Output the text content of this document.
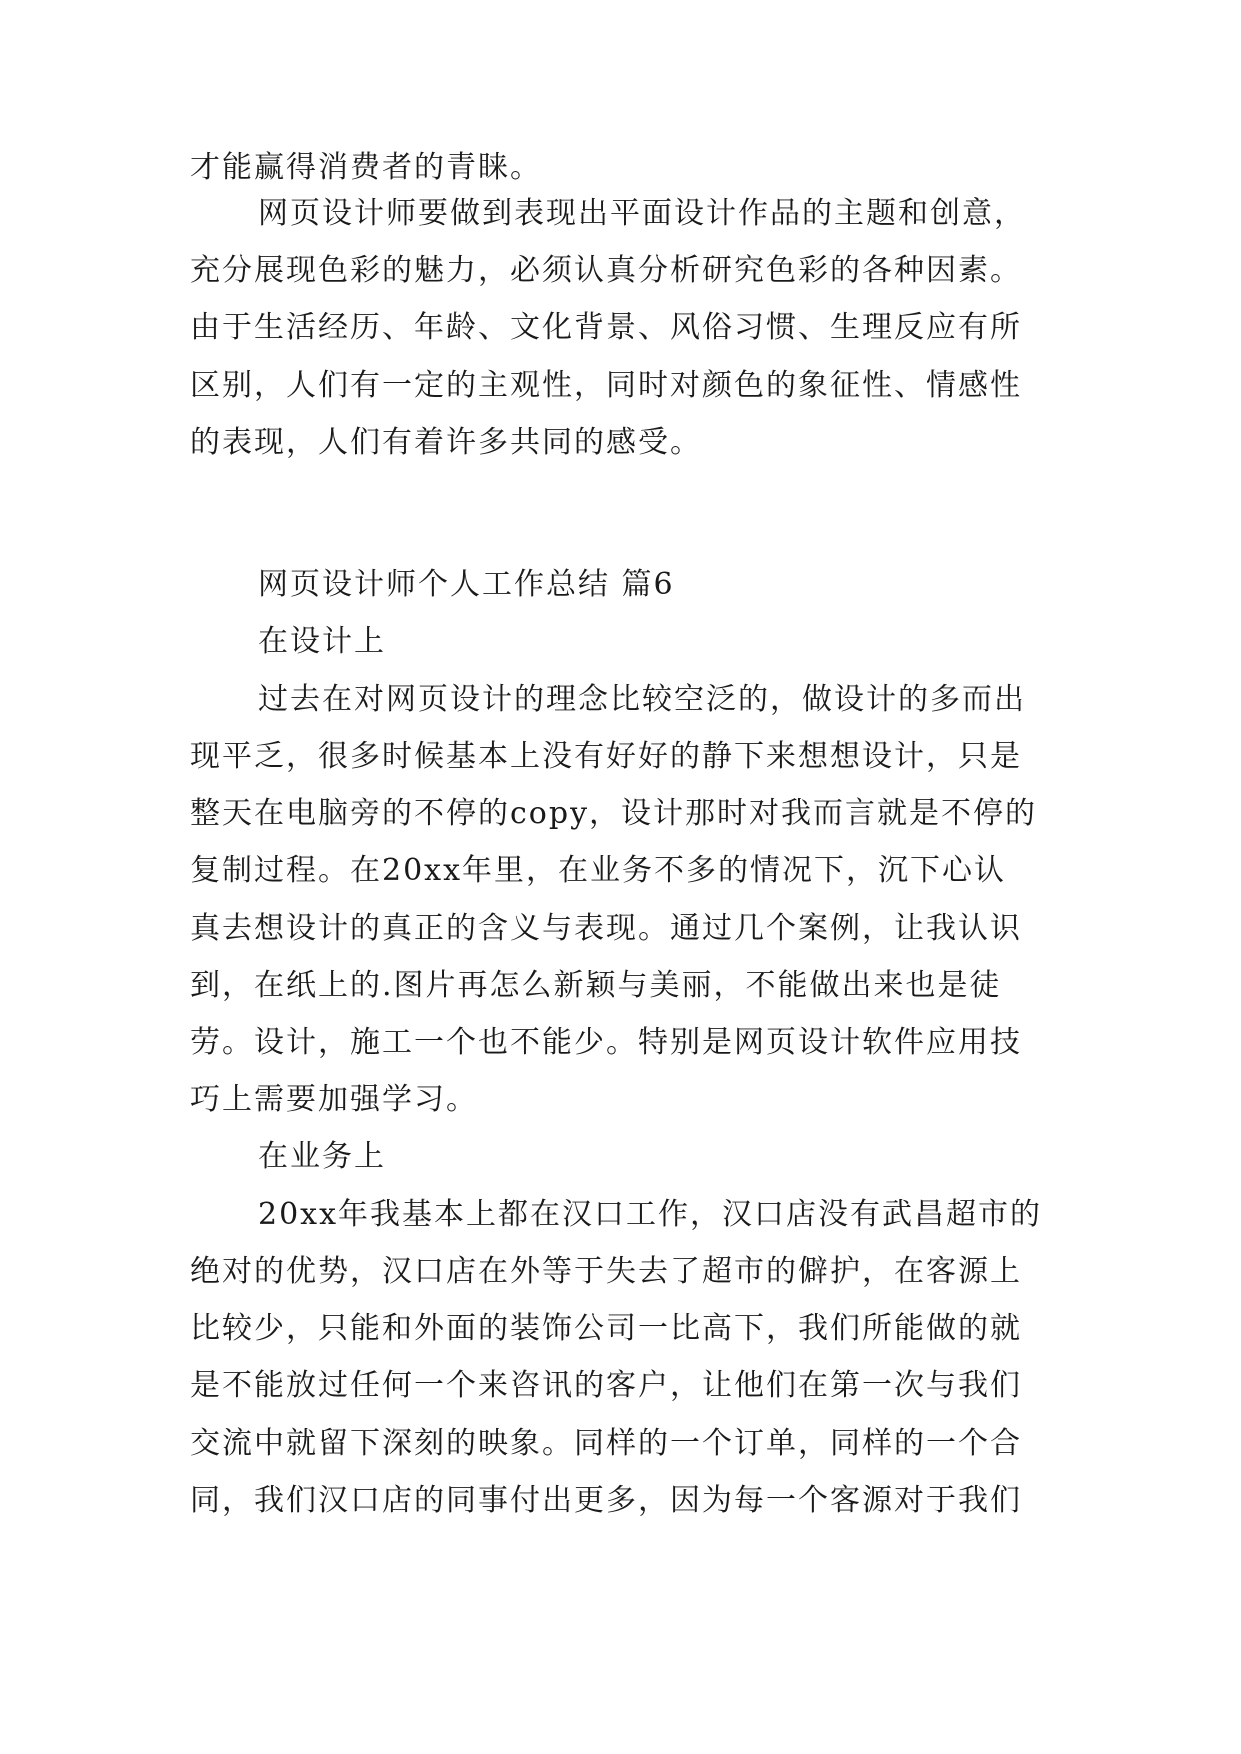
才能赢得消费者的青睐。
网页设计师要做到表现出平面设计作品的主题和创意，
充分展现色彩的魅力，必须认真分析研究色彩的各种因素。
由于生活经历、年龄、文化背景、风俗习惯、生理反应有所
区别，人们有一定的主观性，同时对颜色的象征性、情感性
的表现，人们有着许多共同的感受。
网页设计师个人工作总结 篇6
在设计上
过去在对网页设计的理念比较空泛的，做设计的多而出
现平乏，很多时候基本上没有好好的静下来想想设计，只是
整天在电脑旁的不停的copy，设计那时对我而言就是不停的
复制过程。在20xx年里，在业务不多的情况下，沉下心认
真去想设计的真正的含义与表现。通过几个案例，让我认识
到，在纸上的.图片再怎么新颖与美丽，不能做出来也是徒
劳。设计，施工一个也不能少。特别是网页设计软件应用技
巧上需要加强学习。
在业务上
20xx年我基本上都在汉口工作，汉口店没有武昌超市的
绝对的优势，汉口店在外等于失去了超市的僻护，在客源上
比较少，只能和外面的装饰公司一比高下，我们所能做的就
是不能放过任何一个来咨讯的客户，让他们在第一次与我们
交流中就留下深刻的映象。同样的一个订单，同样的一个合
同，我们汉口店的同事付出更多，因为每一个客源对于我们
